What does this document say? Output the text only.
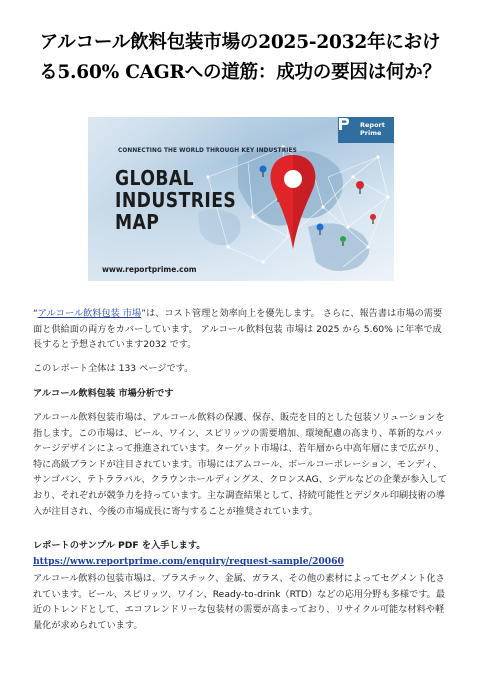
アルコール飲料包装市場の2025-2032年におけ
る5.60% CAGRへの道筋：成功の要因は何か？
CONNECTING THE WORLD THROUGH KEY INDUSTRIES
GLOBAL
INDUSTRIES
MAP
www.reportprime.com
Report
Prime
“アルコール飲料包装 市場”は、コスト管理と効率向上を優先します。 さらに、報告書は市場の需要面と供給面の両方をカバーしています。 アルコール飲料包装 市場は 2025 から 5.60% に年率で成長すると予想されています2032 です。
このレポート全体は 133 ページです。
アルコール飲料包装 市場分析です
アルコール飲料包装市場は、アルコール飲料の保護、保存、販売を目的とした包装ソリューションを指します。この市場は、ビール、ワイン、スピリッツの需要増加、環境配慮の高まり、革新的なパッケージデザインによって推進されています。ターゲット市場は、若年層から中高年層にまで広がり、特に高級ブランドが注目されています。市場にはアムコール、ボールコーポレーション、モンディ、サンゴバン、テトララバル、クラウンホールディングス、クロンスAG、シデルなどの企業が参入しており、それぞれが競争力を持っています。主な調査結果として、持続可能性とデジタル印刷技術の導入が注目され、今後の市場成長に寄与することが推奨されています。
レポートのサンプル PDF を入手します。  https://www.reportprime.com/enquiry/request-sample/20060
アルコール飲料の包装市場は、プラスチック、金属、ガラス、その他の素材によってセグメント化されています。ビール、スピリッツ、ワイン、Ready-to-drink（RTD）などの応用分野も多様です。最近のトレンドとして、エコフレンドリーな包装材の需要が高まっており、リサイクル可能な材料や軽量化が求められています。
